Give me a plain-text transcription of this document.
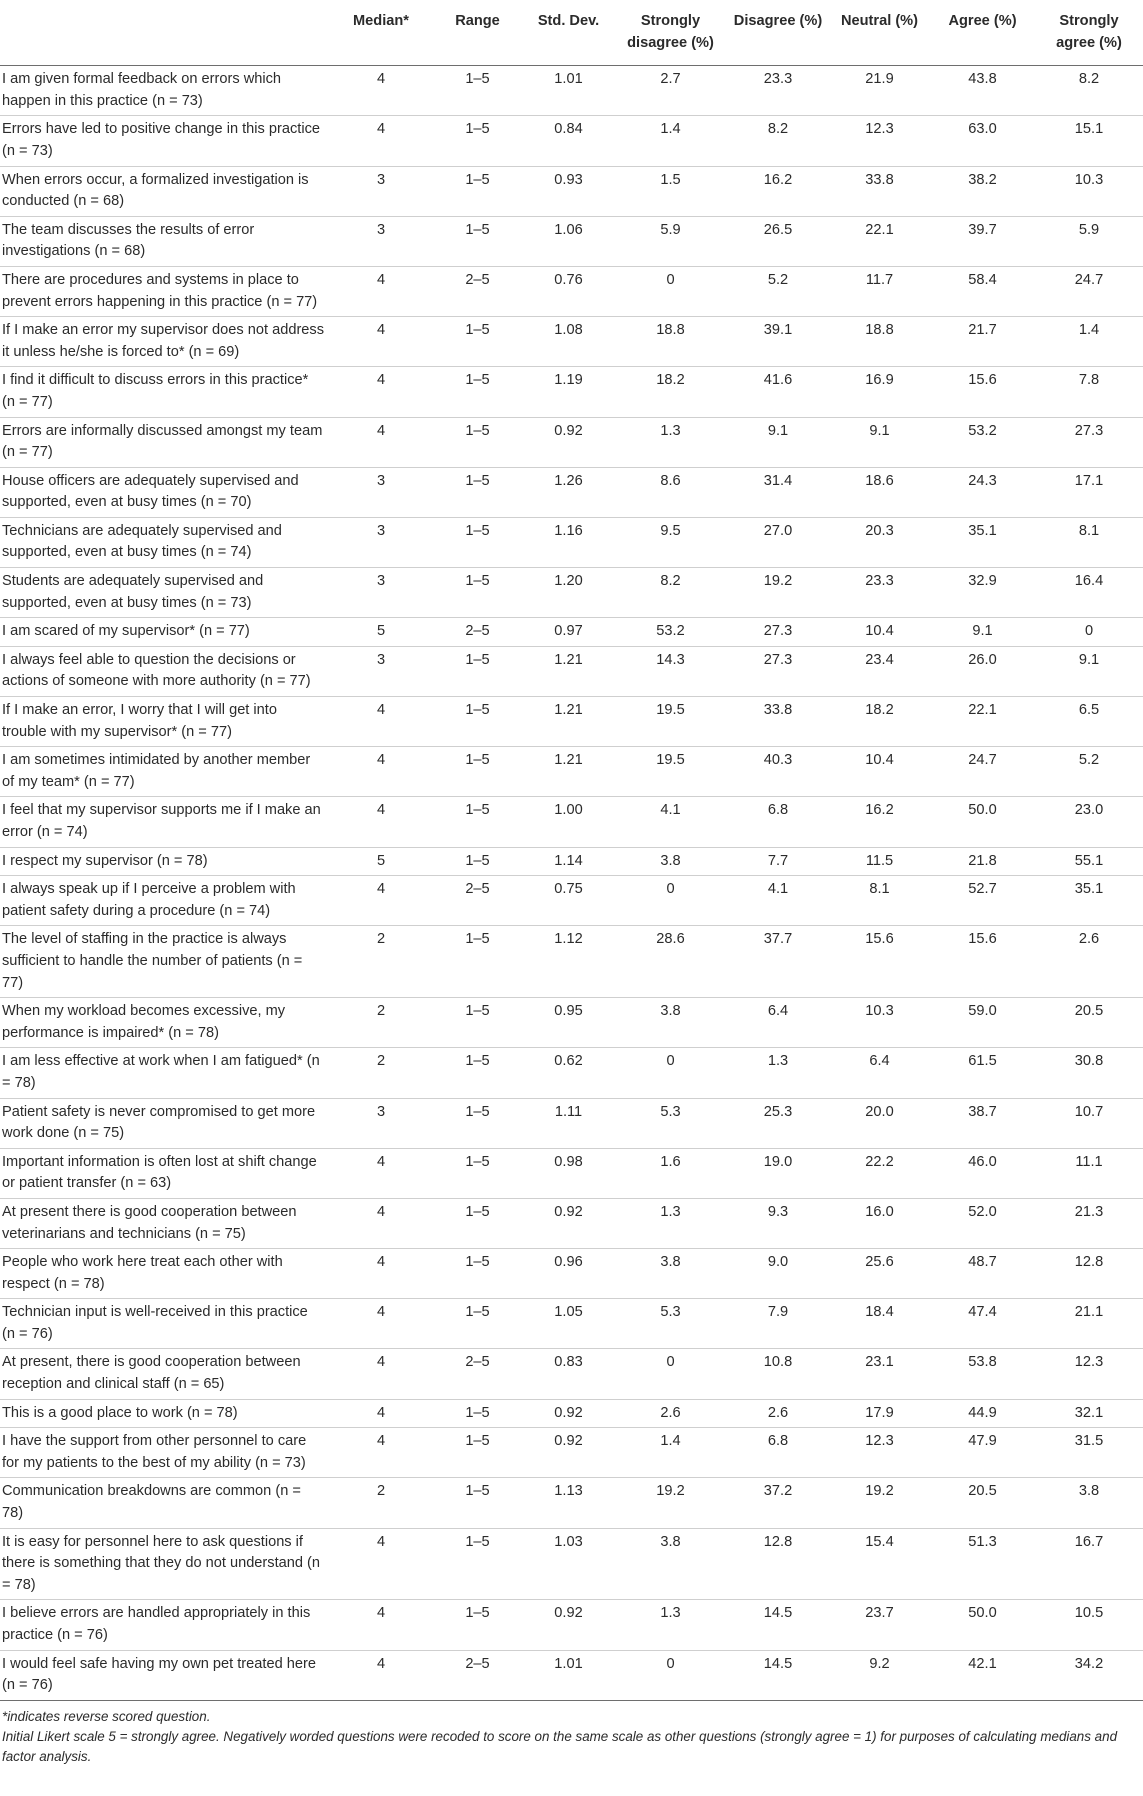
	Median*	Range	Std. Dev.	Strongly disagree (%)	Disagree (%)	Neutral (%)	Agree (%)	Strongly agree (%)
I am given formal feedback on errors which happen in this practice (n = 73)	4	1–5	1.01	2.7	23.3	21.9	43.8	8.2
Errors have led to positive change in this practice (n = 73)	4	1–5	0.84	1.4	8.2	12.3	63.0	15.1
When errors occur, a formalized investigation is conducted (n = 68)	3	1–5	0.93	1.5	16.2	33.8	38.2	10.3
The team discusses the results of error investigations (n = 68)	3	1–5	1.06	5.9	26.5	22.1	39.7	5.9
There are procedures and systems in place to prevent errors happening in this practice (n = 77)	4	2–5	0.76	0	5.2	11.7	58.4	24.7
If I make an error my supervisor does not address it unless he/she is forced to* (n = 69)	4	1–5	1.08	18.8	39.1	18.8	21.7	1.4
I find it difficult to discuss errors in this practice* (n = 77)	4	1–5	1.19	18.2	41.6	16.9	15.6	7.8
Errors are informally discussed amongst my team (n = 77)	4	1–5	0.92	1.3	9.1	9.1	53.2	27.3
House officers are adequately supervised and supported, even at busy times (n = 70)	3	1–5	1.26	8.6	31.4	18.6	24.3	17.1
Technicians are adequately supervised and supported, even at busy times (n = 74)	3	1–5	1.16	9.5	27.0	20.3	35.1	8.1
Students are adequately supervised and supported, even at busy times (n = 73)	3	1–5	1.20	8.2	19.2	23.3	32.9	16.4
I am scared of my supervisor* (n = 77)	5	2–5	0.97	53.2	27.3	10.4	9.1	0
I always feel able to question the decisions or actions of someone with more authority (n = 77)	3	1–5	1.21	14.3	27.3	23.4	26.0	9.1
If I make an error, I worry that I will get into trouble with my supervisor* (n = 77)	4	1–5	1.21	19.5	33.8	18.2	22.1	6.5
I am sometimes intimidated by another member of my team* (n = 77)	4	1–5	1.21	19.5	40.3	10.4	24.7	5.2
I feel that my supervisor supports me if I make an error (n = 74)	4	1–5	1.00	4.1	6.8	16.2	50.0	23.0
I respect my supervisor (n = 78)	5	1–5	1.14	3.8	7.7	11.5	21.8	55.1
I always speak up if I perceive a problem with patient safety during a procedure (n = 74)	4	2–5	0.75	0	4.1	8.1	52.7	35.1
The level of staffing in the practice is always sufficient to handle the number of patients (n = 77)	2	1–5	1.12	28.6	37.7	15.6	15.6	2.6
When my workload becomes excessive, my performance is impaired* (n = 78)	2	1–5	0.95	3.8	6.4	10.3	59.0	20.5
I am less effective at work when I am fatigued* (n = 78)	2	1–5	0.62	0	1.3	6.4	61.5	30.8
Patient safety is never compromised to get more work done (n = 75)	3	1–5	1.11	5.3	25.3	20.0	38.7	10.7
Important information is often lost at shift change or patient transfer (n = 63)	4	1–5	0.98	1.6	19.0	22.2	46.0	11.1
At present there is good cooperation between veterinarians and technicians (n = 75)	4	1–5	0.92	1.3	9.3	16.0	52.0	21.3
People who work here treat each other with respect (n = 78)	4	1–5	0.96	3.8	9.0	25.6	48.7	12.8
Technician input is well-received in this practice (n = 76)	4	1–5	1.05	5.3	7.9	18.4	47.4	21.1
At present, there is good cooperation between reception and clinical staff (n = 65)	4	2–5	0.83	0	10.8	23.1	53.8	12.3
This is a good place to work (n = 78)	4	1–5	0.92	2.6	2.6	17.9	44.9	32.1
I have the support from other personnel to care for my patients to the best of my ability (n = 73)	4	1–5	0.92	1.4	6.8	12.3	47.9	31.5
Communication breakdowns are common (n = 78)	2	1–5	1.13	19.2	37.2	19.2	20.5	3.8
It is easy for personnel here to ask questions if there is something that they do not understand (n = 78)	4	1–5	1.03	3.8	12.8	15.4	51.3	16.7
I believe errors are handled appropriately in this practice (n = 76)	4	1–5	0.92	1.3	14.5	23.7	50.0	10.5
I would feel safe having my own pet treated here (n = 76)	4	2–5	1.01	0	14.5	9.2	42.1	34.2

*indicates reverse scored question.

Initial Likert scale 5 = strongly agree. Negatively worded questions were recoded to score on the same scale as other questions (strongly agree = 1) for purposes of calculating medians and factor analysis.
